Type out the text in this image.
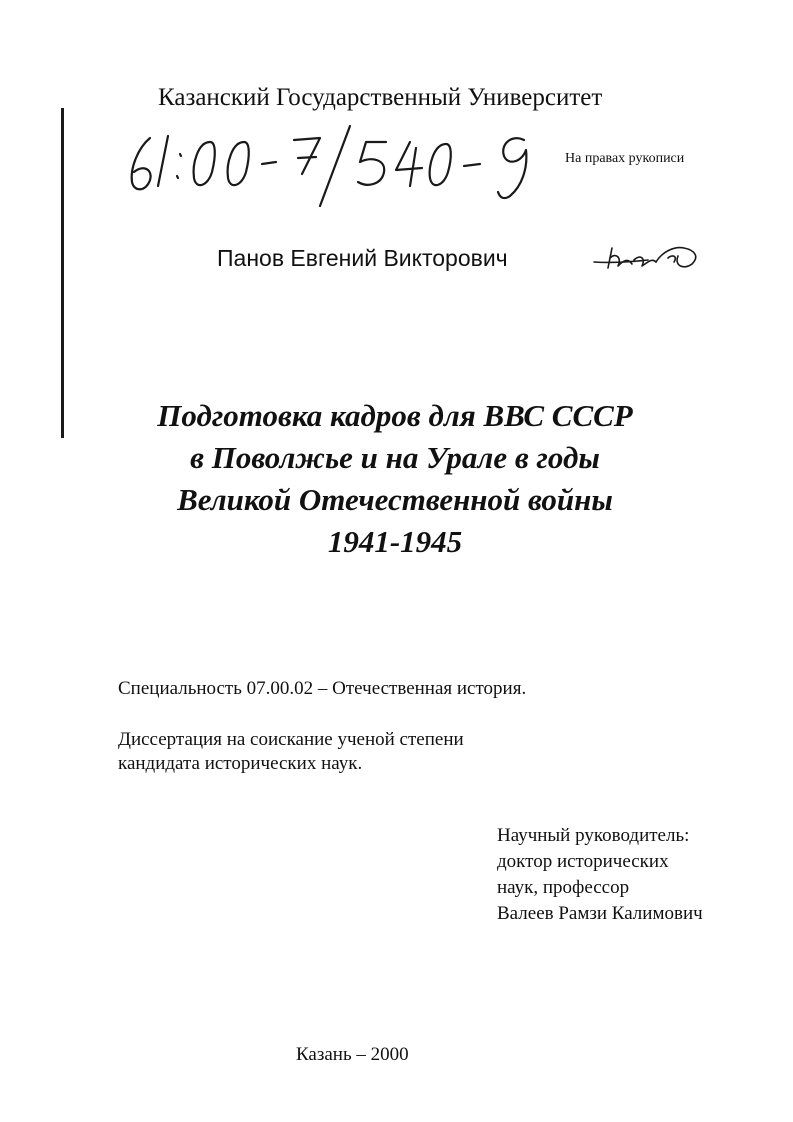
Казанский Государственный Университет
На правах рукописи
Панов Евгений Викторович
Подготовка кадров для ВВС СССР
в Поволжье и на Урале в годы
Великой Отечественной войны
1941-1945
Специальность 07.00.02 – Отечественная история.
Диссертация на соискание ученой степени
кандидата исторических наук.
Научный руководитель:
доктор исторических
наук, профессор
Валеев Рамзи Калимович
Казань – 2000
